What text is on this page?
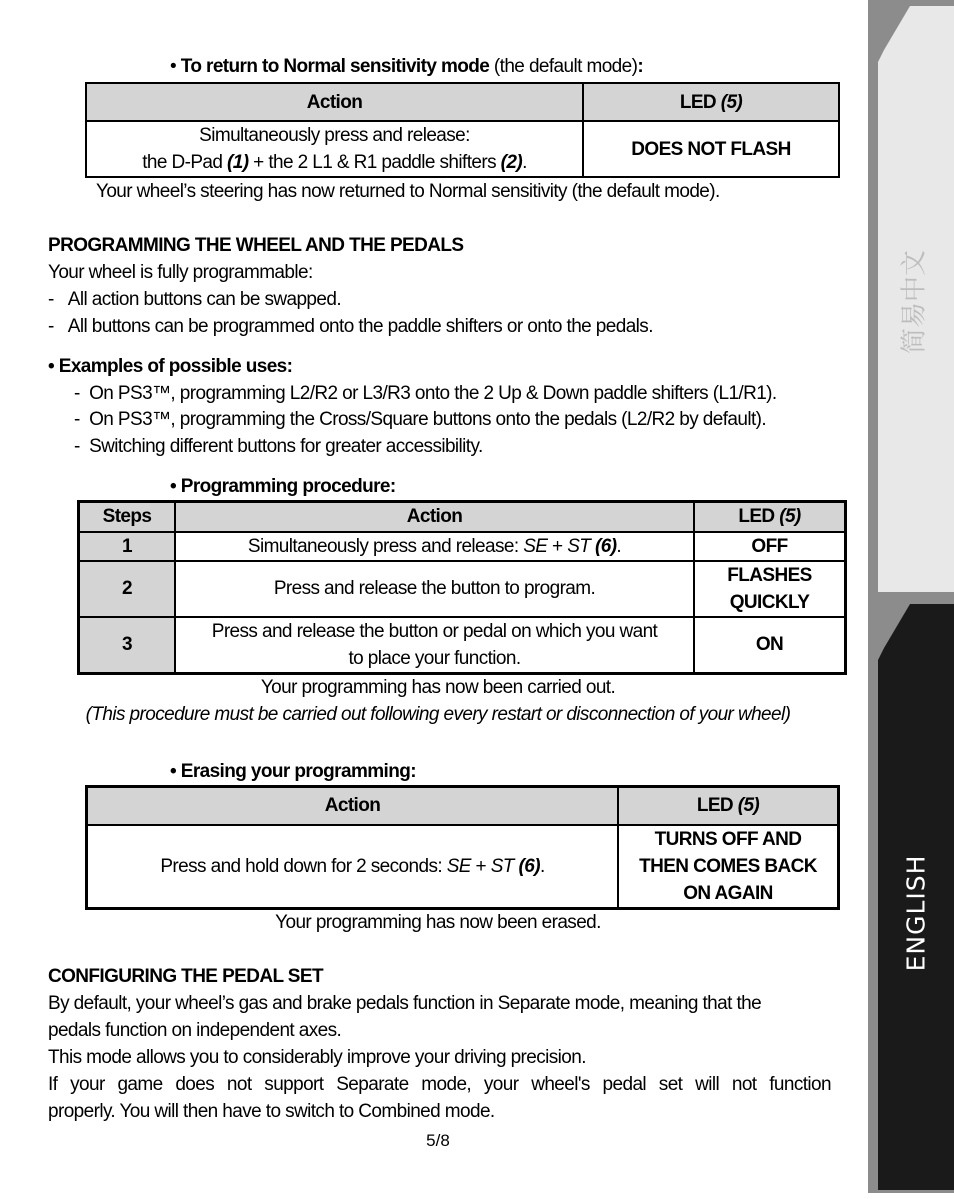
• To return to Normal sensitivity mode (the default mode):
Action	LED (5)

Simultaneously press and release:
the D-Pad (1) + the 2 L1 & R1 paddle shifters (2).	DOES NOT FLASH
Your wheel’s steering has now returned to Normal sensitivity (the default mode).
PROGRAMMING THE WHEEL AND THE PEDALS
Your wheel is fully programmable:
-   All action buttons can be swapped.
-   All buttons can be programmed onto the paddle shifters or onto the pedals.
• Examples of possible uses:
-  On PS3™, programming L2/R2 or L3/R3 onto the 2 Up & Down paddle shifters (L1/R1).
-  On PS3™, programming the Cross/Square buttons onto the pedals (L2/R2 by default).
-  Switching different buttons for greater accessibility.
• Programming procedure:
Steps	Action	LED (5)
1	Simultaneously press and release: SE + ST (6).	OFF
2	Press and release the button to program.	FLASHES
QUICKLY

3	Press and release the button or pedal on which you want
to place your function.	ON
Your programming has now been carried out.
(This procedure must be carried out following every restart or disconnection of your wheel)
• Erasing your programming:
Action	LED (5)
Press and hold down for 2 seconds: SE + ST (6).	TURNS OFF AND
THEN COMES BACK
ON AGAIN
Your programming has now been erased.
CONFIGURING THE PEDAL SET
By default, your wheel’s gas and brake pedals function in Separate mode, meaning that the
pedals function on independent axes.
This mode allows you to considerably improve your driving precision.
If your game does not support Separate mode, your wheel's pedal set will not function
properly. You will then have to switch to Combined mode.
5/8
简易中文
ENGLISH
